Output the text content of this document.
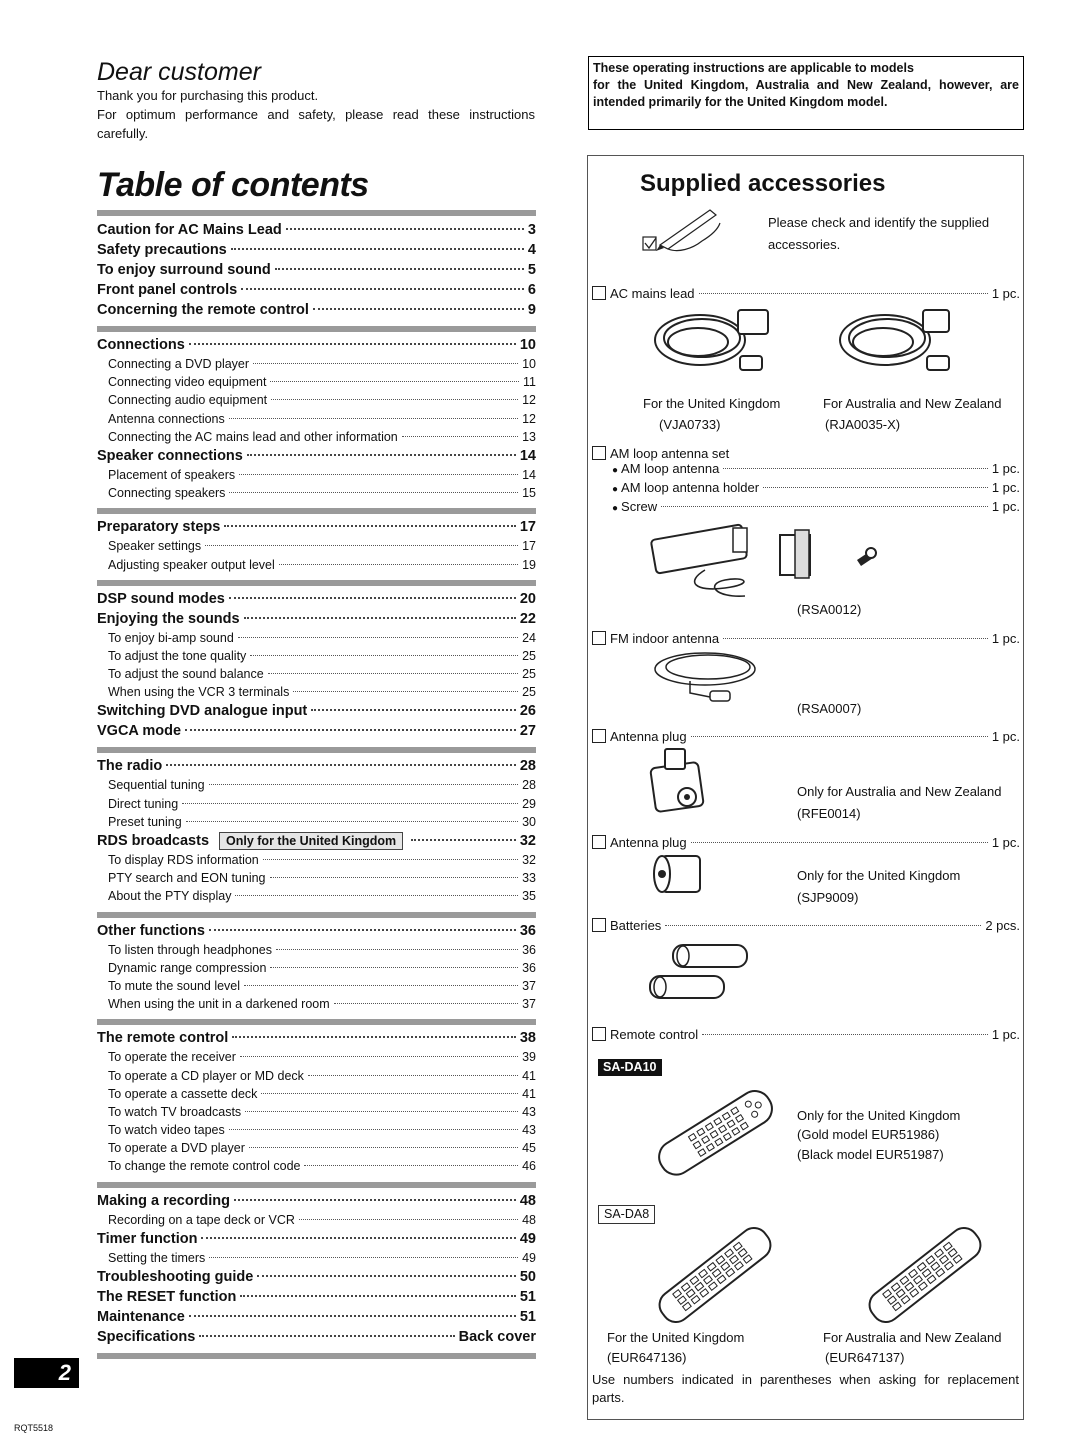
Dear customer
Thank you for purchasing this product.
For optimum performance and safety, please read these instructions carefully.
Table of contents
Caution for AC Mains Lead	3
Safety precautions	4
To enjoy surround sound	5
Front panel controls	6
Concerning the remote control	9
Connections	10
Connecting a DVD player	10
Connecting video equipment	11
Connecting audio equipment	12
Antenna connections	12
Connecting the AC mains lead and other information	13
Speaker connections	14
Placement of speakers	14
Connecting speakers	15
Preparatory steps	17
Speaker settings	17
Adjusting speaker output level	19
DSP sound modes	20
Enjoying the sounds	22
To enjoy bi-amp sound	24
To adjust the tone quality	25
To adjust the sound balance	25
When using the VCR 3 terminals	25
Switching DVD analogue input	26
VGCA mode	27
The radio	28
Sequential tuning	28
Direct tuning	29
Preset tuning	30
RDS broadcasts	Only for the United Kingdom	32
To display RDS information	32
PTY search and EON tuning	33
About the PTY display	35
Other functions	36
To listen through headphones	36
Dynamic range compression	36
To mute the sound level	37
When using the unit in a darkened room	37
The remote control	38
To operate the receiver	39
To operate a CD player or MD deck	41
To operate a cassette deck	41
To watch TV broadcasts	43
To watch video tapes	43
To operate a DVD player	45
To change the remote control code	46
Making a recording	48
Recording on a tape deck or VCR	48
Timer function	49
Setting the timers	49
Troubleshooting guide	50
The RESET function	51
Maintenance	51
Specifications	Back cover
2
RQT5518
These operating instructions are applicable to models
for the United Kingdom, Australia and New Zealand, however, are intended primarily for the United Kingdom model.
Supplied accessories
Please check and identify the supplied accessories.
AC mains lead	1 pc.
For the United Kingdom	For Australia and New Zealand
(VJA0733)	(RJA0035-X)
AM loop antenna set
● AM loop antenna	1 pc.
● AM loop antenna holder	1 pc.
● Screw	1 pc.
(RSA0012)
FM indoor antenna	1 pc.
(RSA0007)
Antenna plug	1 pc.
Only for Australia and New Zealand
(RFE0014)
Antenna plug	1 pc.
Only for the United Kingdom
(SJP9009)
Batteries	2 pcs.
Remote control	1 pc.
SA-DA10
Only for the United Kingdom
(Gold model EUR51986)
(Black model EUR51987)
SA-DA8
For the United Kingdom	For Australia and New Zealand
(EUR647136)	(EUR647137)
Use numbers indicated in parentheses when asking for replacement parts.
